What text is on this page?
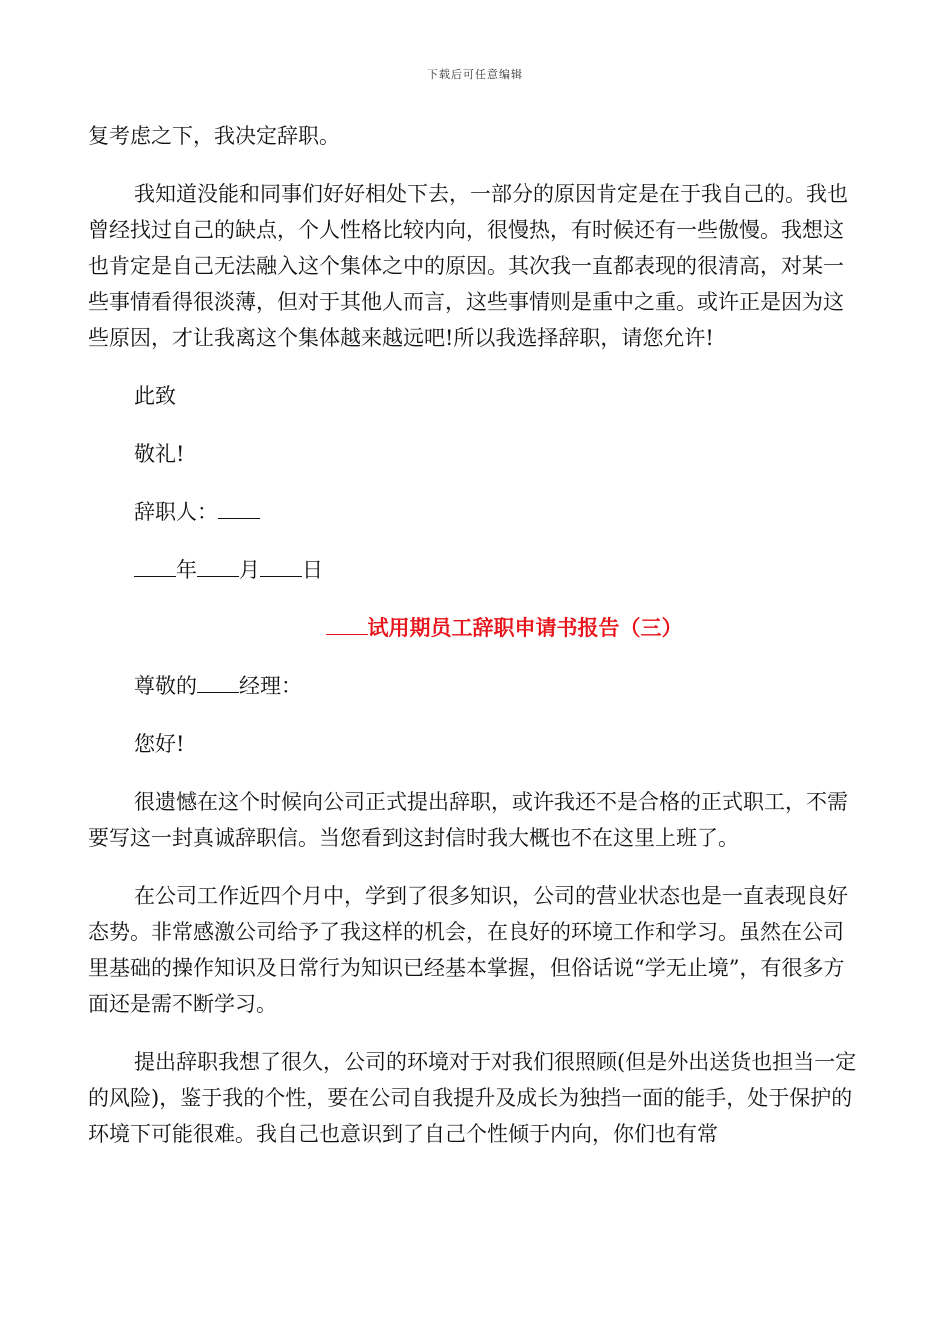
下载后可任意编辑

复考虑之下，我决定辞职。

我知道没能和同事们好好相处下去，一部分的原因肯定是在于我自己的。我也曾经找过自己的缺点，个人性格比较内向，很慢热，有时候还有一些傲慢。我想这也肯定是自己无法融入这个集体之中的原因。其次我一直都表现的很清高，对某一些事情看得很淡薄，但对于其他人而言，这些事情则是重中之重。或许正是因为这些原因，才让我离这个集体越来越远吧!所以我选择辞职，请您允许!

此致

敬礼!

辞职人：

年 月 日

试用期员工辞职申请书报告（三）

尊敬的 经理：

您好!

很遗憾在这个时候向公司正式提出辞职，或许我还不是合格的正式职工，不需要写这一封真诚辞职信。当您看到这封信时我大概也不在这里上班了。

在公司工作近四个月中，学到了很多知识，公司的营业状态也是一直表现良好态势。非常感激公司给予了我这样的机会，在良好的环境工作和学习。虽然在公司里基础的操作知识及日常行为知识已经基本掌握，但俗话说“学无止境”，有很多方面还是需不断学习。

提出辞职我想了很久，公司的环境对于对我们很照顾(但是外出送货也担当一定的风险)，鉴于我的个性，要在公司自我提升及成长为独挡一面的能手，处于保护的环境下可能很难。我自己也意识到了自己个性倾于内向，你们也有常
